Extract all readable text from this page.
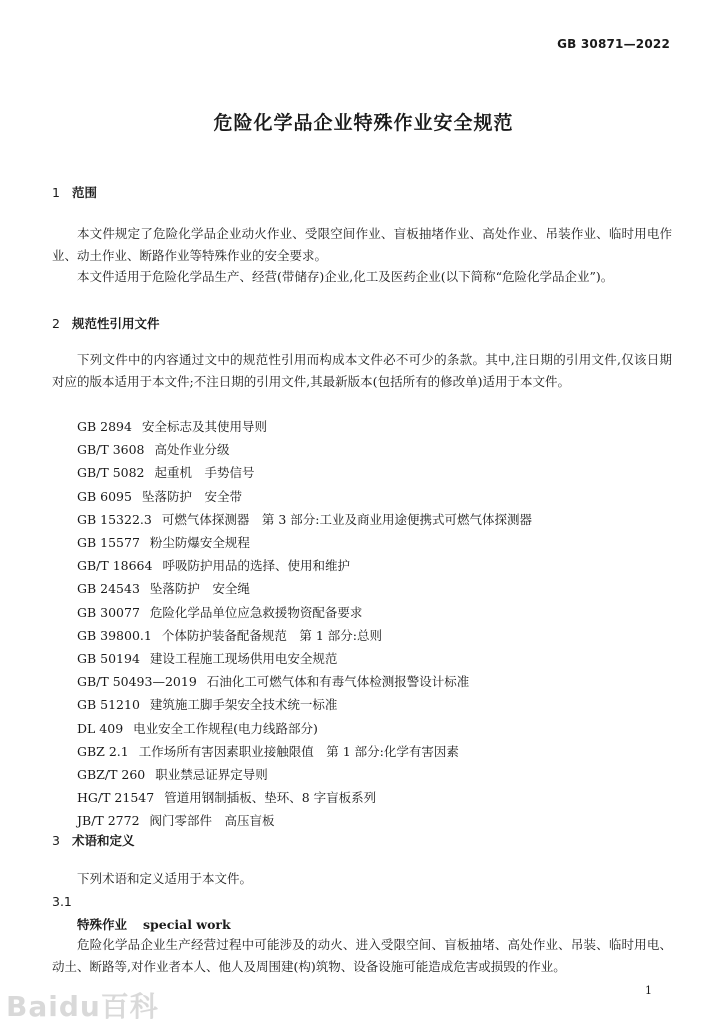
GB 30871—2022
危险化学品企业特殊作业安全规范
1 范围
本文件规定了危险化学品企业动火作业、受限空间作业、盲板抽堵作业、高处作业、吊装作业、临时用电作业、动土作业、断路作业等特殊作业的安全要求。
本文件适用于危险化学品生产、经营(带储存)企业,化工及医药企业(以下简称“危险化学品企业”)。
2 规范性引用文件
下列文件中的内容通过文中的规范性引用而构成本文件必不可少的条款。其中,注日期的引用文件,仅该日期对应的版本适用于本文件;不注日期的引用文件,其最新版本(包括所有的修改单)适用于本文件。
GB 2894 安全标志及其使用导则
GB/T 3608 高处作业分级
GB/T 5082 起重机　手势信号
GB 6095 坠落防护　安全带
GB 15322.3 可燃气体探测器　第 3 部分:工业及商业用途便携式可燃气体探测器
GB 15577 粉尘防爆安全规程
GB/T 18664 呼吸防护用品的选择、使用和维护
GB 24543 坠落防护　安全绳
GB 30077 危险化学品单位应急救援物资配备要求
GB 39800.1 个体防护装备配备规范　第 1 部分:总则
GB 50194 建设工程施工现场供用电安全规范
GB/T 50493—2019 石油化工可燃气体和有毒气体检测报警设计标准
GB 51210 建筑施工脚手架安全技术统一标准
DL 409 电业安全工作规程(电力线路部分)
GBZ 2.1 工作场所有害因素职业接触限值　第 1 部分:化学有害因素
GBZ/T 260 职业禁忌证界定导则
HG/T 21547 管道用钢制插板、垫环、8 字盲板系列
JB/T 2772 阀门零部件　高压盲板
3 术语和定义
下列术语和定义适用于本文件。
3.1
特殊作业 special work
危险化学品企业生产经营过程中可能涉及的动火、进入受限空间、盲板抽堵、高处作业、吊装、临时用电、动土、断路等,对作业者本人、他人及周围建(构)筑物、设备设施可能造成危害或损毁的作业。
1
Baidu百科
